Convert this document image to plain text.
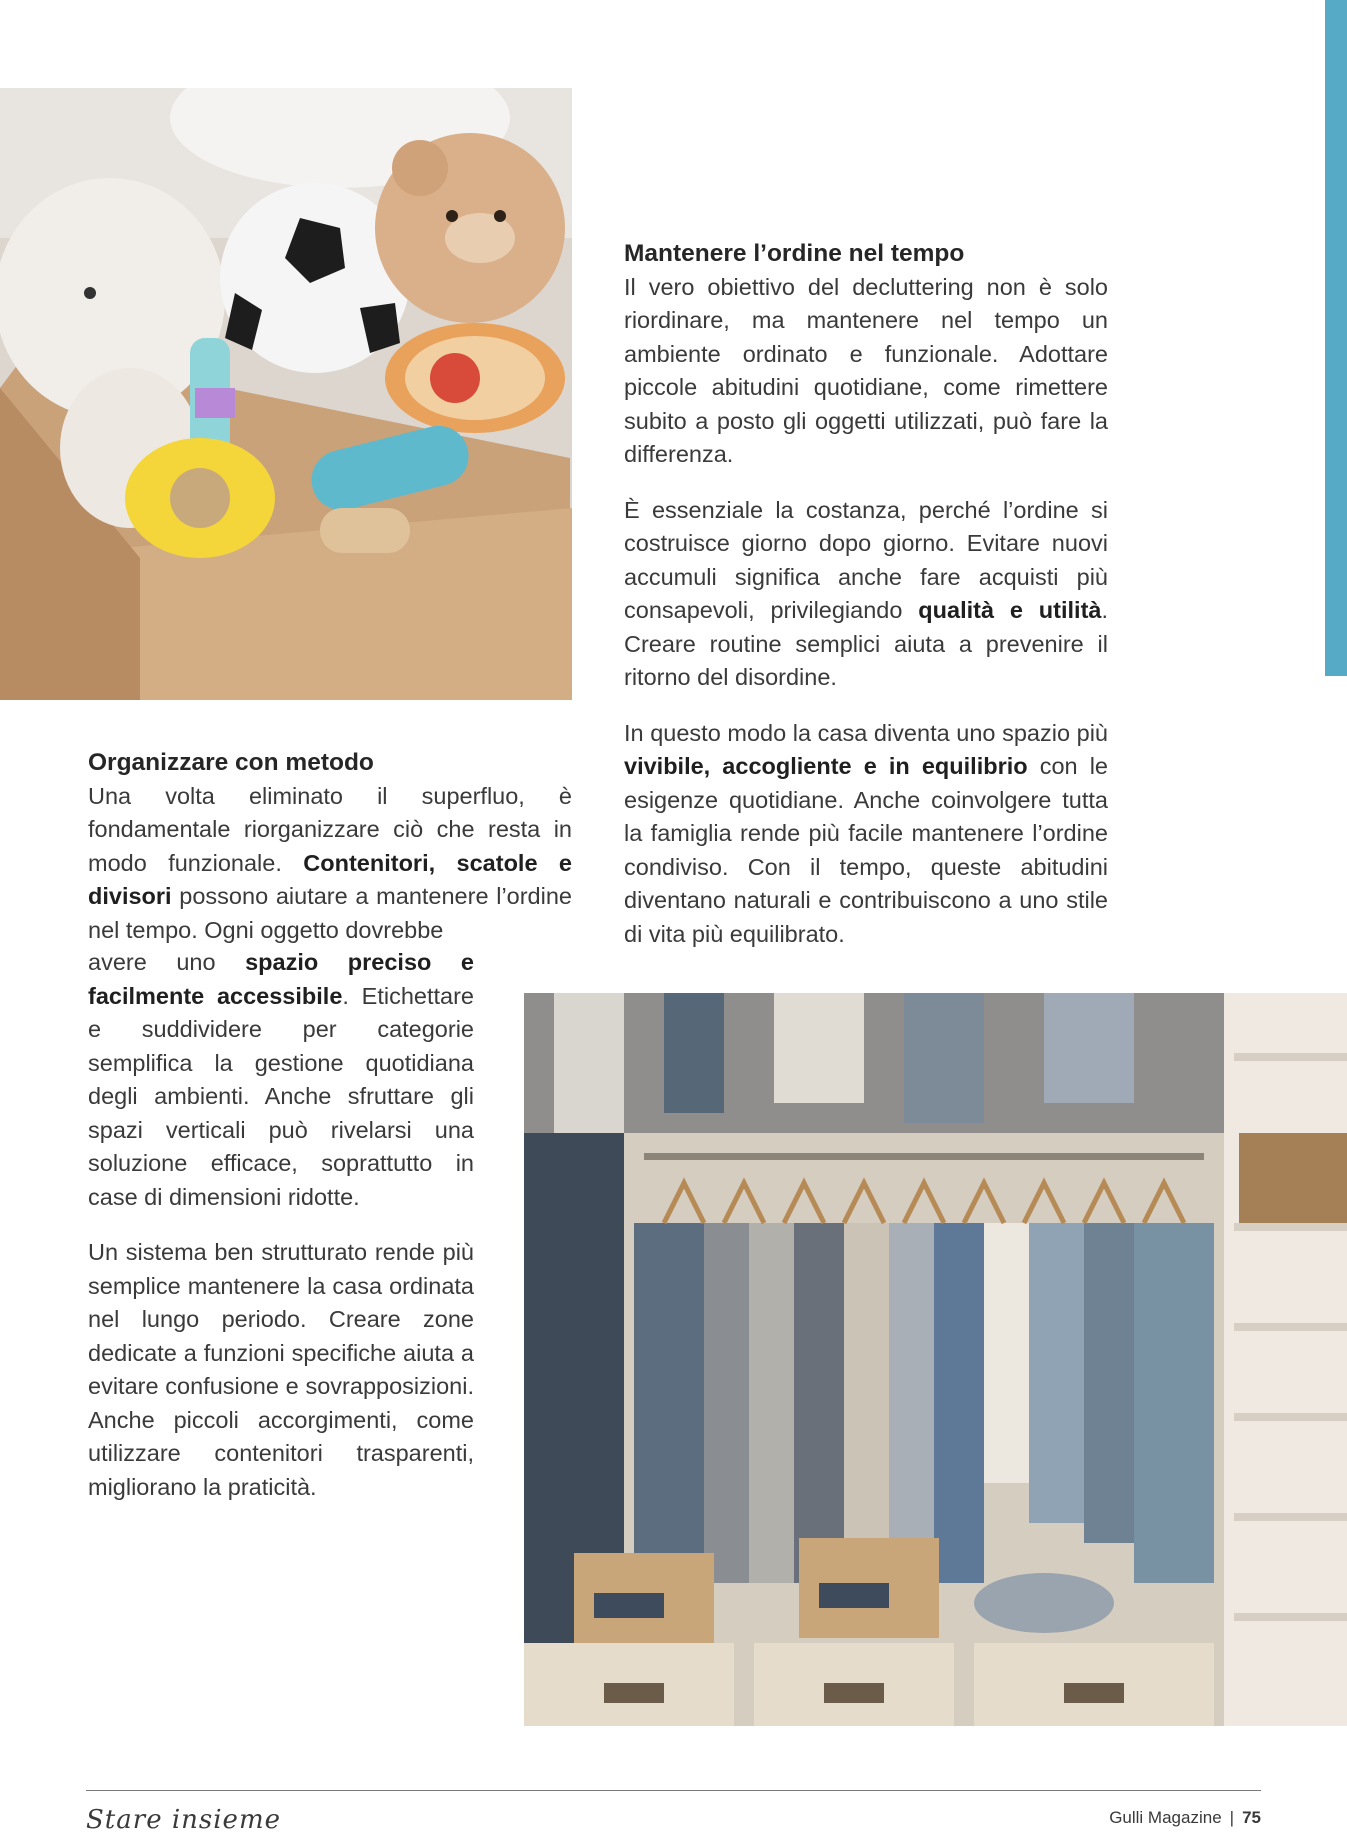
Mantenere l’ordine nel tempo

Il vero obiettivo del decluttering non è solo riordinare, ma mantenere nel tempo un ambiente ordinato e funzionale. Adottare piccole abitudini quotidiane, come rimettere subito a posto gli oggetti utilizzati, può fare la differenza.

È essenziale la costanza, perché l’ordine si costruisce giorno dopo giorno. Evitare nuovi accumuli significa anche fare acquisti più consapevoli, privilegiando qualità e utilità. Creare routine semplici aiuta a prevenire il ritorno del disordine.

In questo modo la casa diventa uno spazio più vivibile, accogliente e in equilibrio con le esigenze quotidiane. Anche coinvolgere tutta la famiglia rende più facile mantenere l’ordine condiviso. Con il tempo, queste abitudini diventano naturali e contribuiscono a uno stile di vita più equilibrato.

Organizzare con metodo

Una volta eliminato il superfluo, è fondamentale riorganizzare ciò che resta in modo funzionale. Contenitori, scatole e divisori possono aiutare a mantenere l’ordine nel tempo. Ogni oggetto dovrebbe

avere uno spazio preciso e facilmente accessibile. Etichettare e suddividere per categorie semplifica la gestione quotidiana degli ambienti. Anche sfruttare gli spazi verticali può rivelarsi una soluzione efficace, soprattutto in case di dimensioni ridotte.

Un sistema ben strutturato rende più semplice mantenere la casa ordinata nel lungo periodo. Creare zone dedicate a funzioni specifiche aiuta a evitare confusione e sovrapposizioni. Anche piccoli accorgimenti, come utilizzare contenitori trasparenti, migliorano la praticità.

Stare insieme	Gulli Magazine | 75
